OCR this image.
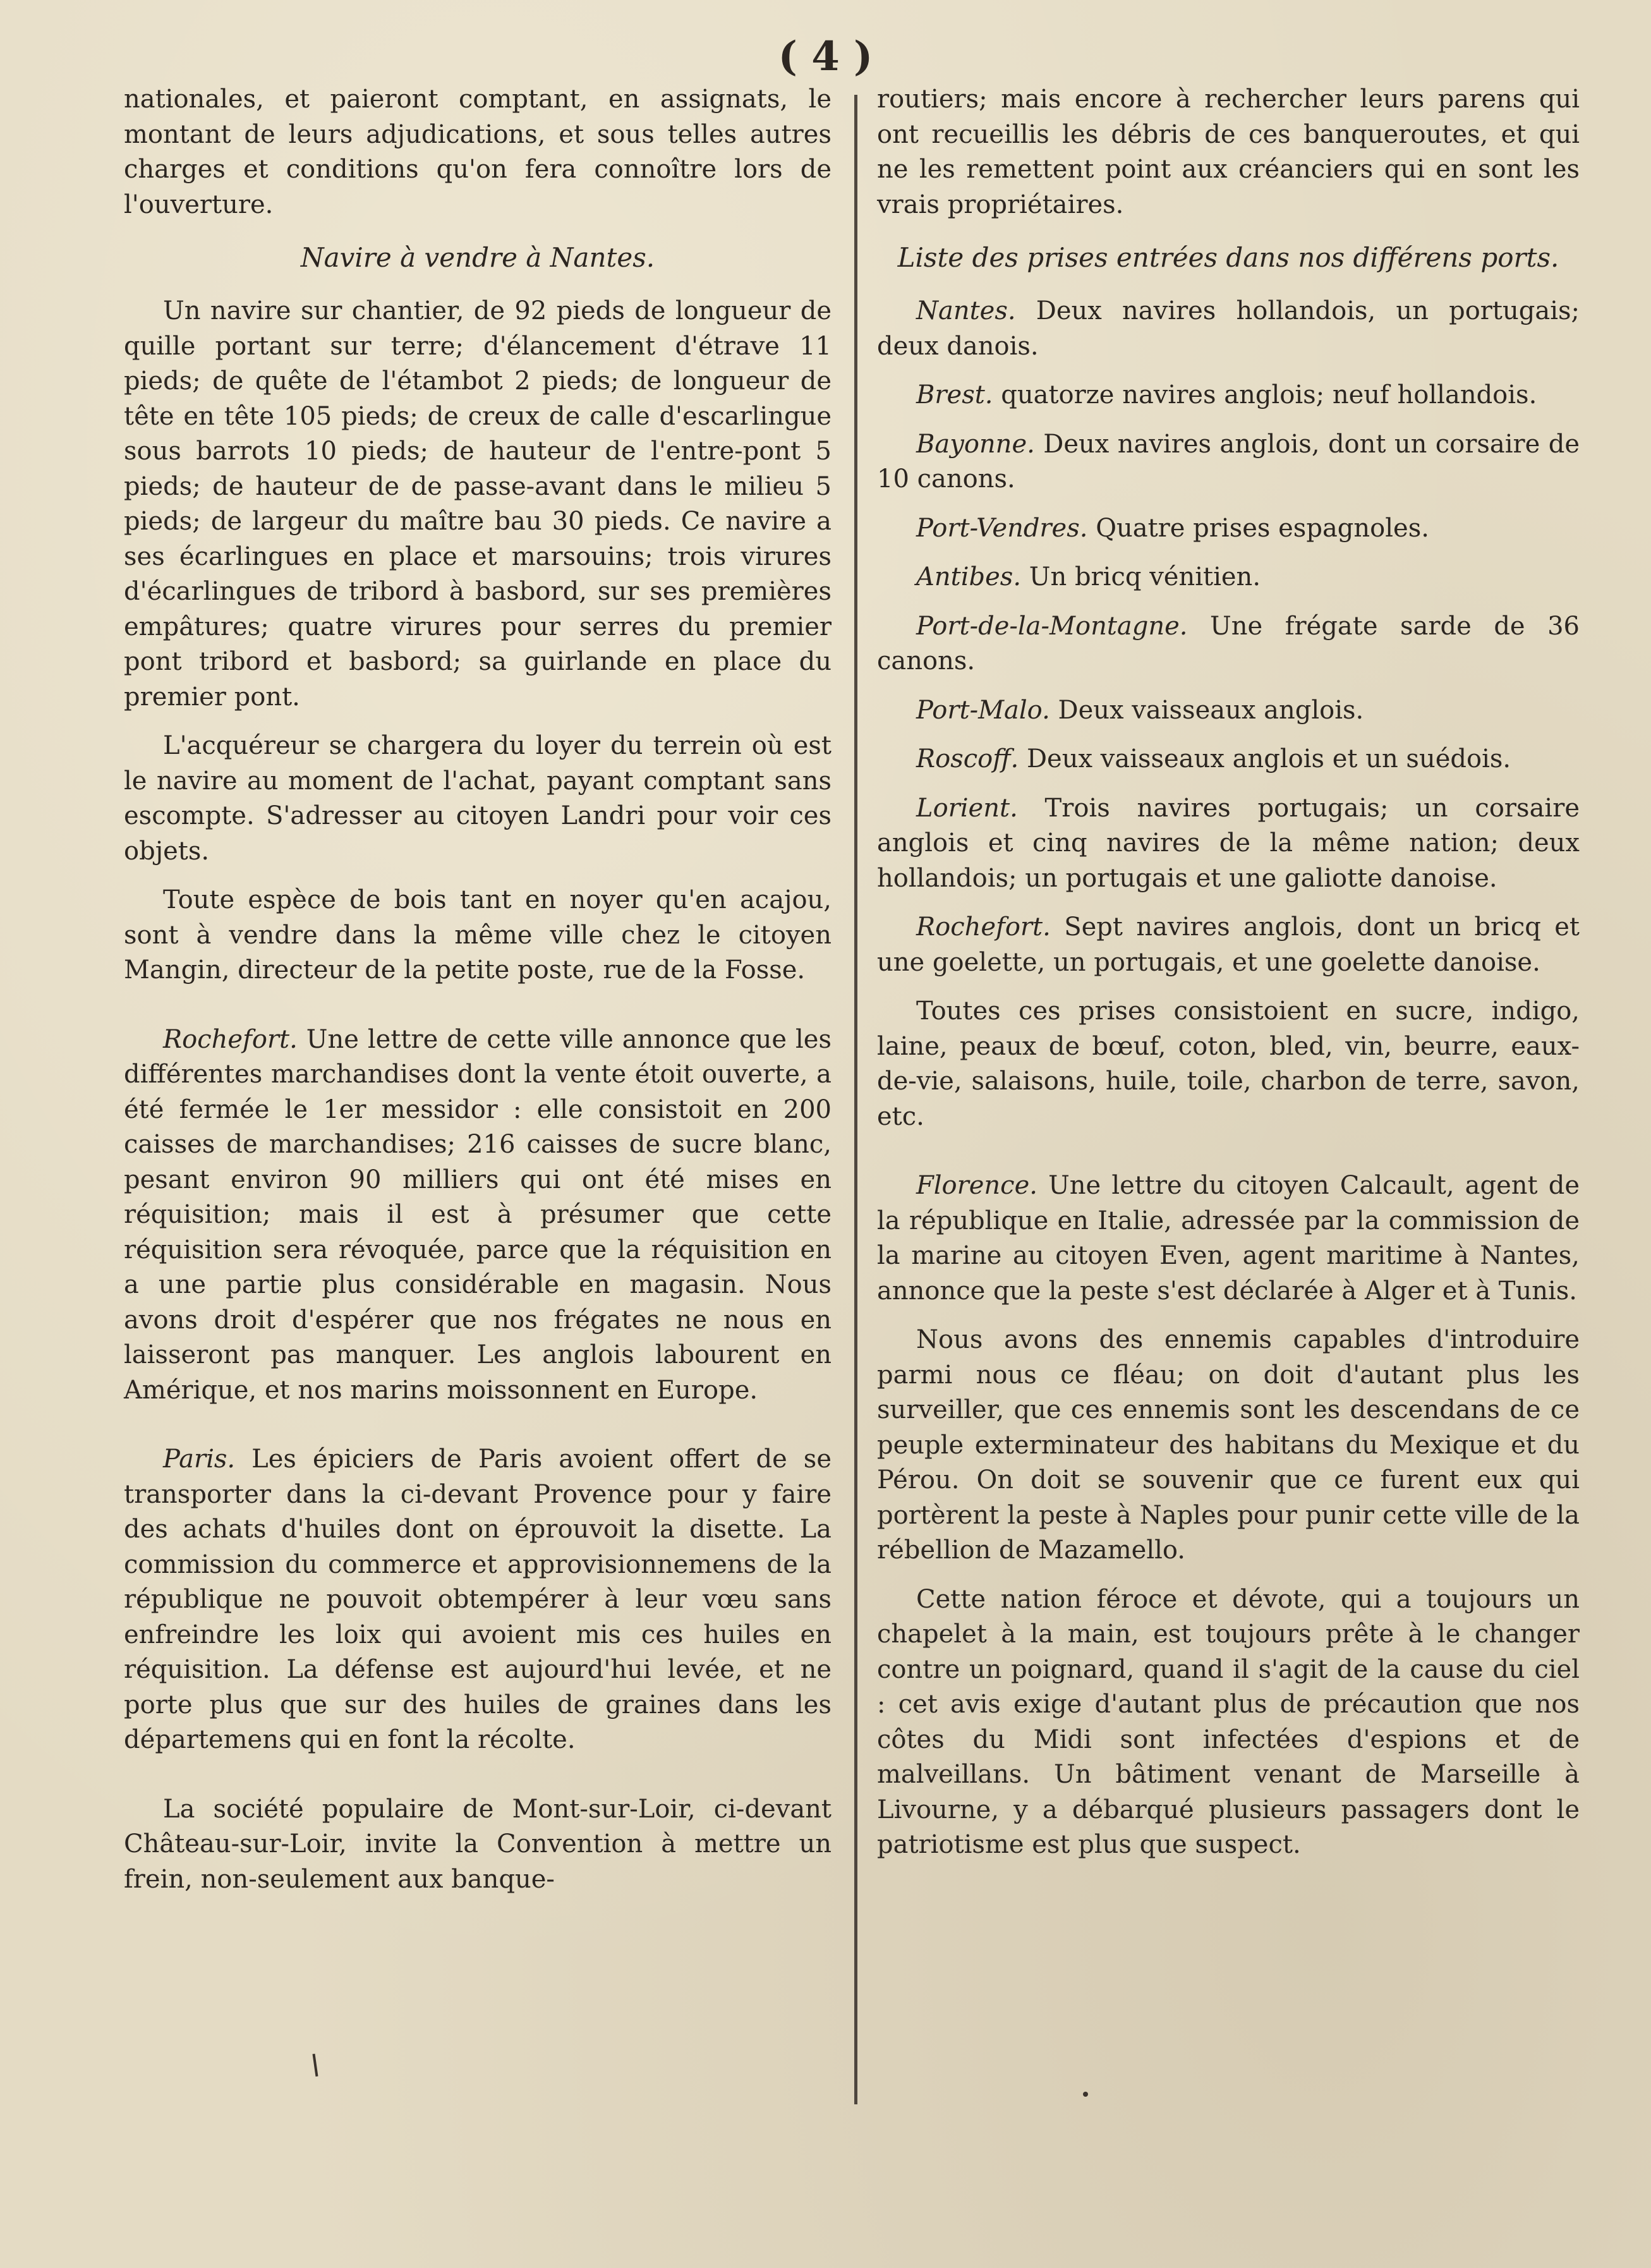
( 4 )

nationales, et paieront comptant, en assignats, le montant de leurs adjudications, et sous telles autres charges et conditions qu'on fera connoître lors de l'ouverture.

Navire à vendre à Nantes.

Un navire sur chantier, de 92 pieds de longueur de quille portant sur terre; d'élancement d'étrave 11 pieds; de quête de l'étambot 2 pieds; de longueur de tête en tête 105 pieds; de creux de calle d'escarlingue sous barrots 10 pieds; de hauteur de l'entre-pont 5 pieds; de hauteur de de passe-avant dans le milieu 5 pieds; de largeur du maître bau 30 pieds. Ce navire a ses écarlingues en place et marsouins; trois virures d'écarlingues de tribord à basbord, sur ses premières empâtures; quatre virures pour serres du premier pont tribord et basbord; sa guirlande en place du premier pont.

L'acquéreur se chargera du loyer du terrein où est le navire au moment de l'achat, payant comptant sans escompte. S'adresser au citoyen Landri pour voir ces objets.

Toute espèce de bois tant en noyer qu'en acajou, sont à vendre dans la même ville chez le citoyen Mangin, directeur de la petite poste, rue de la Fosse.

Rochefort. Une lettre de cette ville annonce que les différentes marchandises dont la vente étoit ouverte, a été fermée le 1er messidor : elle consistoit en 200 caisses de marchandises; 216 caisses de sucre blanc, pesant environ 90 milliers qui ont été mises en réquisition; mais il est à présumer que cette réquisition sera révoquée, parce que la réquisition en a une partie plus considérable en magasin. Nous avons droit d'espérer que nos frégates ne nous en laisseront pas manquer. Les anglois labourent en Amérique, et nos marins moissonnent en Europe.

Paris. Les épiciers de Paris avoient offert de se transporter dans la ci-devant Provence pour y faire des achats d'huiles dont on éprouvoit la disette. La commission du commerce et approvisionnemens de la république ne pouvoit obtempérer à leur vœu sans enfreindre les loix qui avoient mis ces huiles en réquisition. La défense est aujourd'hui levée, et ne porte plus que sur des huiles de graines dans les départemens qui en font la récolte.

La société populaire de Mont-sur-Loir, ci-devant Château-sur-Loir, invite la Convention à mettre un frein, non-seulement aux banque-

routiers; mais encore à rechercher leurs parens qui ont recueillis les débris de ces banqueroutes, et qui ne les remettent point aux créanciers qui en sont les vrais propriétaires.

Liste des prises entrées dans nos différens ports.

Nantes. Deux navires hollandois, un portugais; deux danois.

Brest. quatorze navires anglois; neuf hollandois.

Bayonne. Deux navires anglois, dont un corsaire de 10 canons.

Port-Vendres. Quatre prises espagnoles.

Antibes. Un bricq vénitien.

Port-de-la-Montagne. Une frégate sarde de 36 canons.

Port-Malo. Deux vaisseaux anglois.

Roscoff. Deux vaisseaux anglois et un suédois.

Lorient. Trois navires portugais; un corsaire anglois et cinq navires de la même nation; deux hollandois; un portugais et une galiotte danoise.

Rochefort. Sept navires anglois, dont un bricq et une goelette, un portugais, et une goelette danoise.

Toutes ces prises consistoient en sucre, indigo, laine, peaux de bœuf, coton, bled, vin, beurre, eaux-de-vie, salaisons, huile, toile, charbon de terre, savon, etc.

Florence. Une lettre du citoyen Calcault, agent de la république en Italie, adressée par la commission de la marine au citoyen Even, agent maritime à Nantes, annonce que la peste s'est déclarée à Alger et à Tunis.

Nous avons des ennemis capables d'introduire parmi nous ce fléau; on doit d'autant plus les surveiller, que ces ennemis sont les descendans de ce peuple exterminateur des habitans du Mexique et du Pérou. On doit se souvenir que ce furent eux qui portèrent la peste à Naples pour punir cette ville de la rébellion de Mazamello.

Cette nation féroce et dévote, qui a toujours un chapelet à la main, est toujours prête à le changer contre un poignard, quand il s'agit de la cause du ciel : cet avis exige d'autant plus de précaution que nos côtes du Midi sont infectées d'espions et de malveillans. Un bâtiment venant de Marseille à Livourne, y a débarqué plusieurs passagers dont le patriotisme est plus que suspect.
